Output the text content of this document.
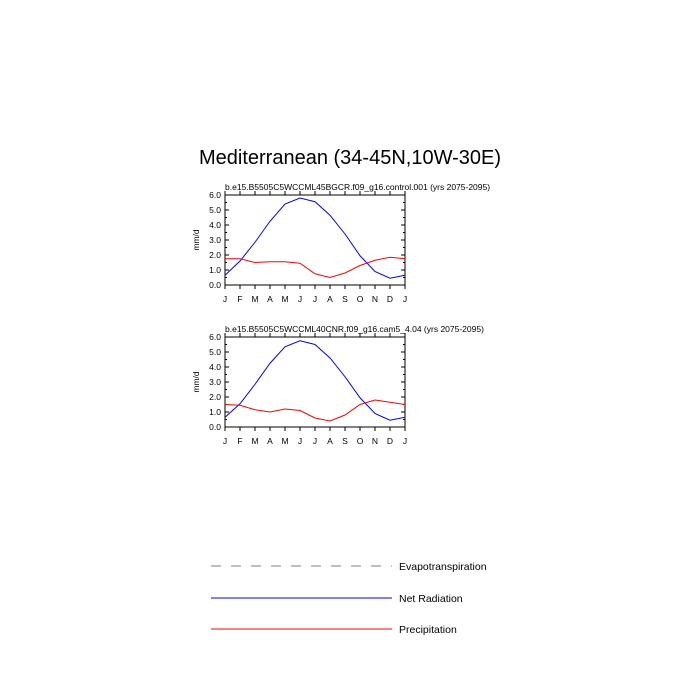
Mediterranean (34-45N,10W-30E)
b.e15.B5505C5WCCML45BGCR.f09_g16.control.001 (yrs 2075-2095)
0.0
1.0
2.0
3.0
4.0
5.0
6.0
mm/d
J F M A M J J A S O N D J
b.e15.B5505C5WCCML40CNR.f09_g16.cam5_4.04 (yrs 2075-2095)
0.0
1.0
2.0
3.0
4.0
5.0
6.0
mm/d
J F M A M J J A S O N D J
Evapotranspiration
Net Radiation
Precipitation
